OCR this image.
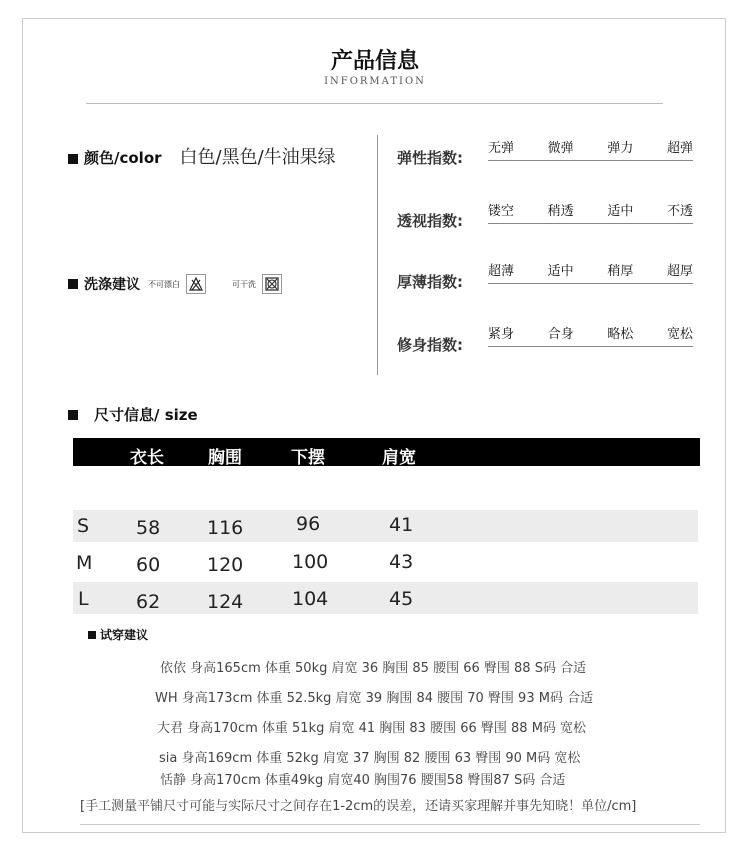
产品信息
INFORMATION
颜色/color 白色/黑色/牛油果绿
洗涤建议 不可漂白	可干洗
弹性指数:
无弹	微弹	弹力	超弹
透视指数:
镂空	稍透	适中	不透
厚薄指数:
超薄	适中	稍厚	超厚
修身指数:
紧身	合身	略松	宽松
尺寸信息/ size
衣长	胸围	下摆	肩宽
S 58 116	96	41
M 60 120	100	43
L 62 124	104	45
试穿建议
依依 身高165cm 体重 50kg 肩宽 36 胸围 85 腰围 66 臀围 88 S码 合适
WH 身高173cm 体重 52.5kg 肩宽 39 胸围 84 腰围 70 臀围 93 M码 合适
大君 身高170cm 体重 51kg 肩宽 41 胸围 83 腰围 66 臀围 88 M码 宽松
sia 身高169cm 体重 52kg 肩宽 37 胸围 82 腰围 63 臀围 90 M码 宽松
恬静 身高170cm 体重49kg 肩宽40 胸围76 腰围58 臀围87 S码 合适
[手工测量平铺尺寸可能与实际尺寸之间存在1-2cm的误差，还请买家理解并事先知晓！单位/cm]
